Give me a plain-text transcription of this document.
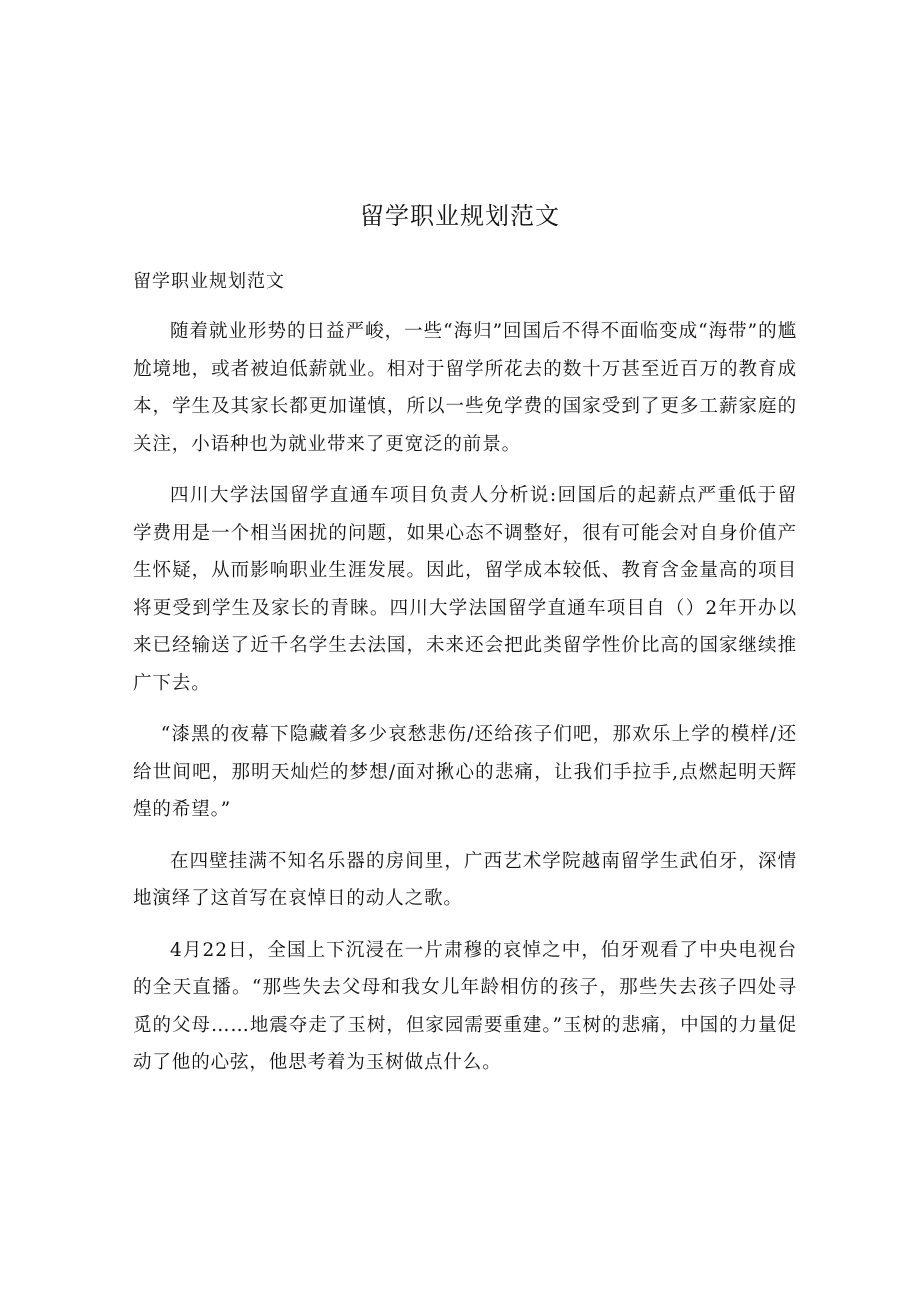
留学职业规划范文

留学职业规划范文

随着就业形势的日益严峻，一些“海归”回国后不得不面临变成“海带”的尴尬境地，或者被迫低薪就业。相对于留学所花去的数十万甚至近百万的教育成本，学生及其家长都更加谨慎，所以一些免学费的国家受到了更多工薪家庭的关注，小语种也为就业带来了更宽泛的前景。

四川大学法国留学直通车项目负责人分析说:回国后的起薪点严重低于留学费用是一个相当困扰的问题，如果心态不调整好，很有可能会对自身价值产生怀疑，从而影响职业生涯发展。因此，留学成本较低、教育含金量高的项目将更受到学生及家长的青睐。四川大学法国留学直通车项目自（）2年开办以来已经输送了近千名学生去法国，未来还会把此类留学性价比高的国家继续推广下去。

“漆黑的夜幕下隐藏着多少哀愁悲伤/还给孩子们吧，那欢乐上学的模样/还给世间吧，那明天灿烂的梦想/面对揪心的悲痛，让我们手拉手,点燃起明天辉煌的希望。”

在四壁挂满不知名乐器的房间里，广西艺术学院越南留学生武伯牙，深情地演绎了这首写在哀悼日的动人之歌。

4月22日，全国上下沉浸在一片肃穆的哀悼之中，伯牙观看了中央电视台的全天直播。“那些失去父母和我女儿年龄相仿的孩子，那些失去孩子四处寻觅的父母……地震夺走了玉树，但家园需要重建。”玉树的悲痛，中国的力量促动了他的心弦，他思考着为玉树做点什么。
